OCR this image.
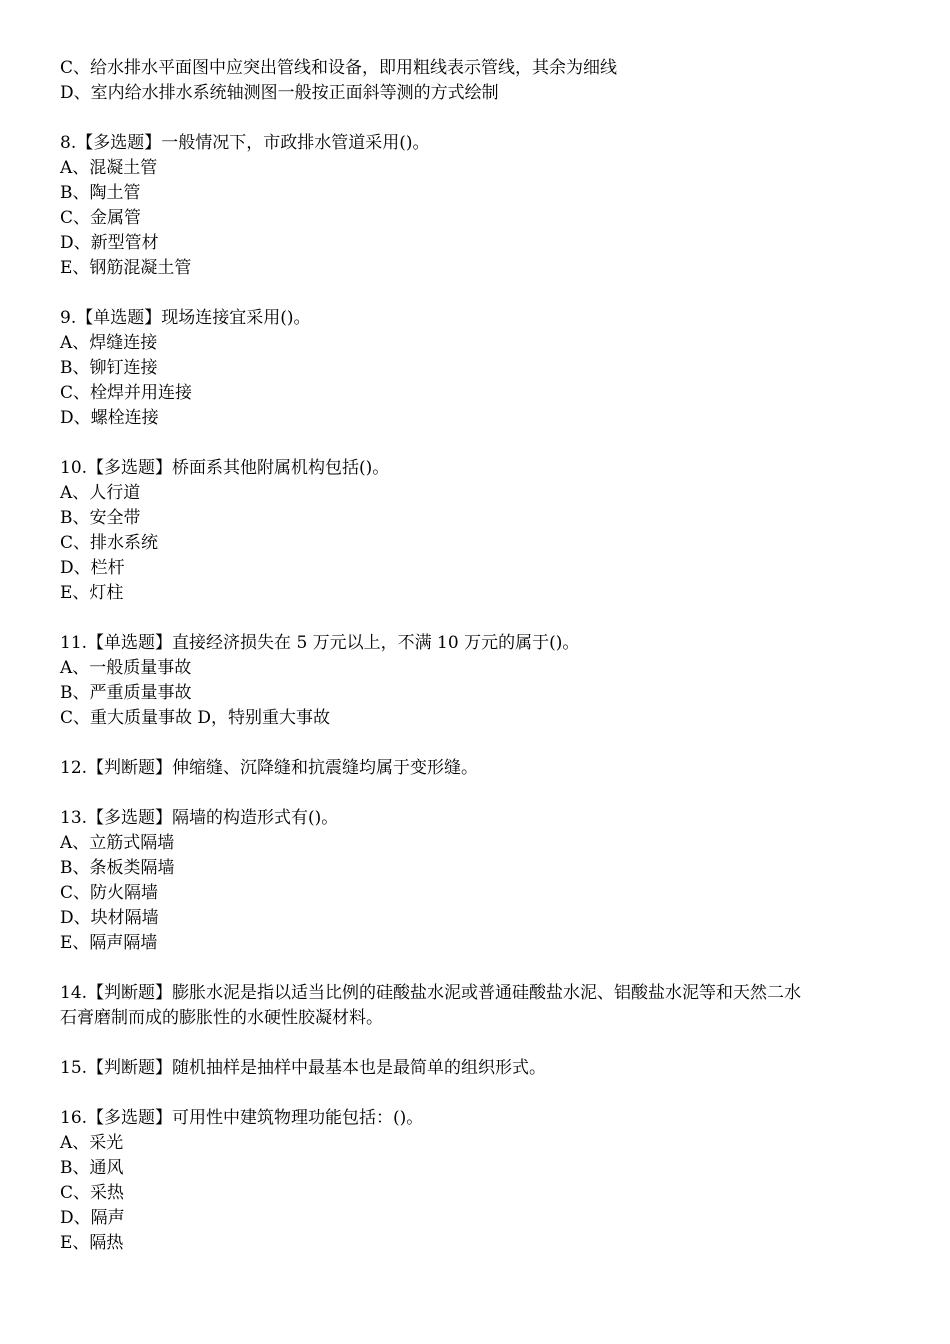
C、给水排水平面图中应突出管线和设备，即用粗线表示管线，其余为细线
D、室内给水排水系统轴测图一般按正面斜等测的方式绘制
8.【多选题】一般情况下，市政排水管道采用()。
A、混凝土管
B、陶土管
C、金属管
D、新型管材
E、钢筋混凝土管
9.【单选题】现场连接宜采用()。
A、焊缝连接
B、铆钉连接
C、栓焊并用连接
D、螺栓连接
10.【多选题】桥面系其他附属机构包括()。
A、人行道
B、安全带
C、排水系统
D、栏杆
E、灯柱
11.【单选题】直接经济损失在 5 万元以上，不满 10 万元的属于()。
A、一般质量事故
B、严重质量事故
C、重大质量事故 D，特别重大事故
12.【判断题】伸缩缝、沉降缝和抗震缝均属于变形缝。
13.【多选题】隔墙的构造形式有()。
A、立筋式隔墙
B、条板类隔墙
C、防火隔墙
D、块材隔墙
E、隔声隔墙
14.【判断题】膨胀水泥是指以适当比例的硅酸盐水泥或普通硅酸盐水泥、铝酸盐水泥等和天然二水
石膏磨制而成的膨胀性的水硬性胶凝材料。
15.【判断题】随机抽样是抽样中最基本也是最简单的组织形式。
16.【多选题】可用性中建筑物理功能包括：()。
A、采光
B、通风
C、采热
D、隔声
E、隔热
